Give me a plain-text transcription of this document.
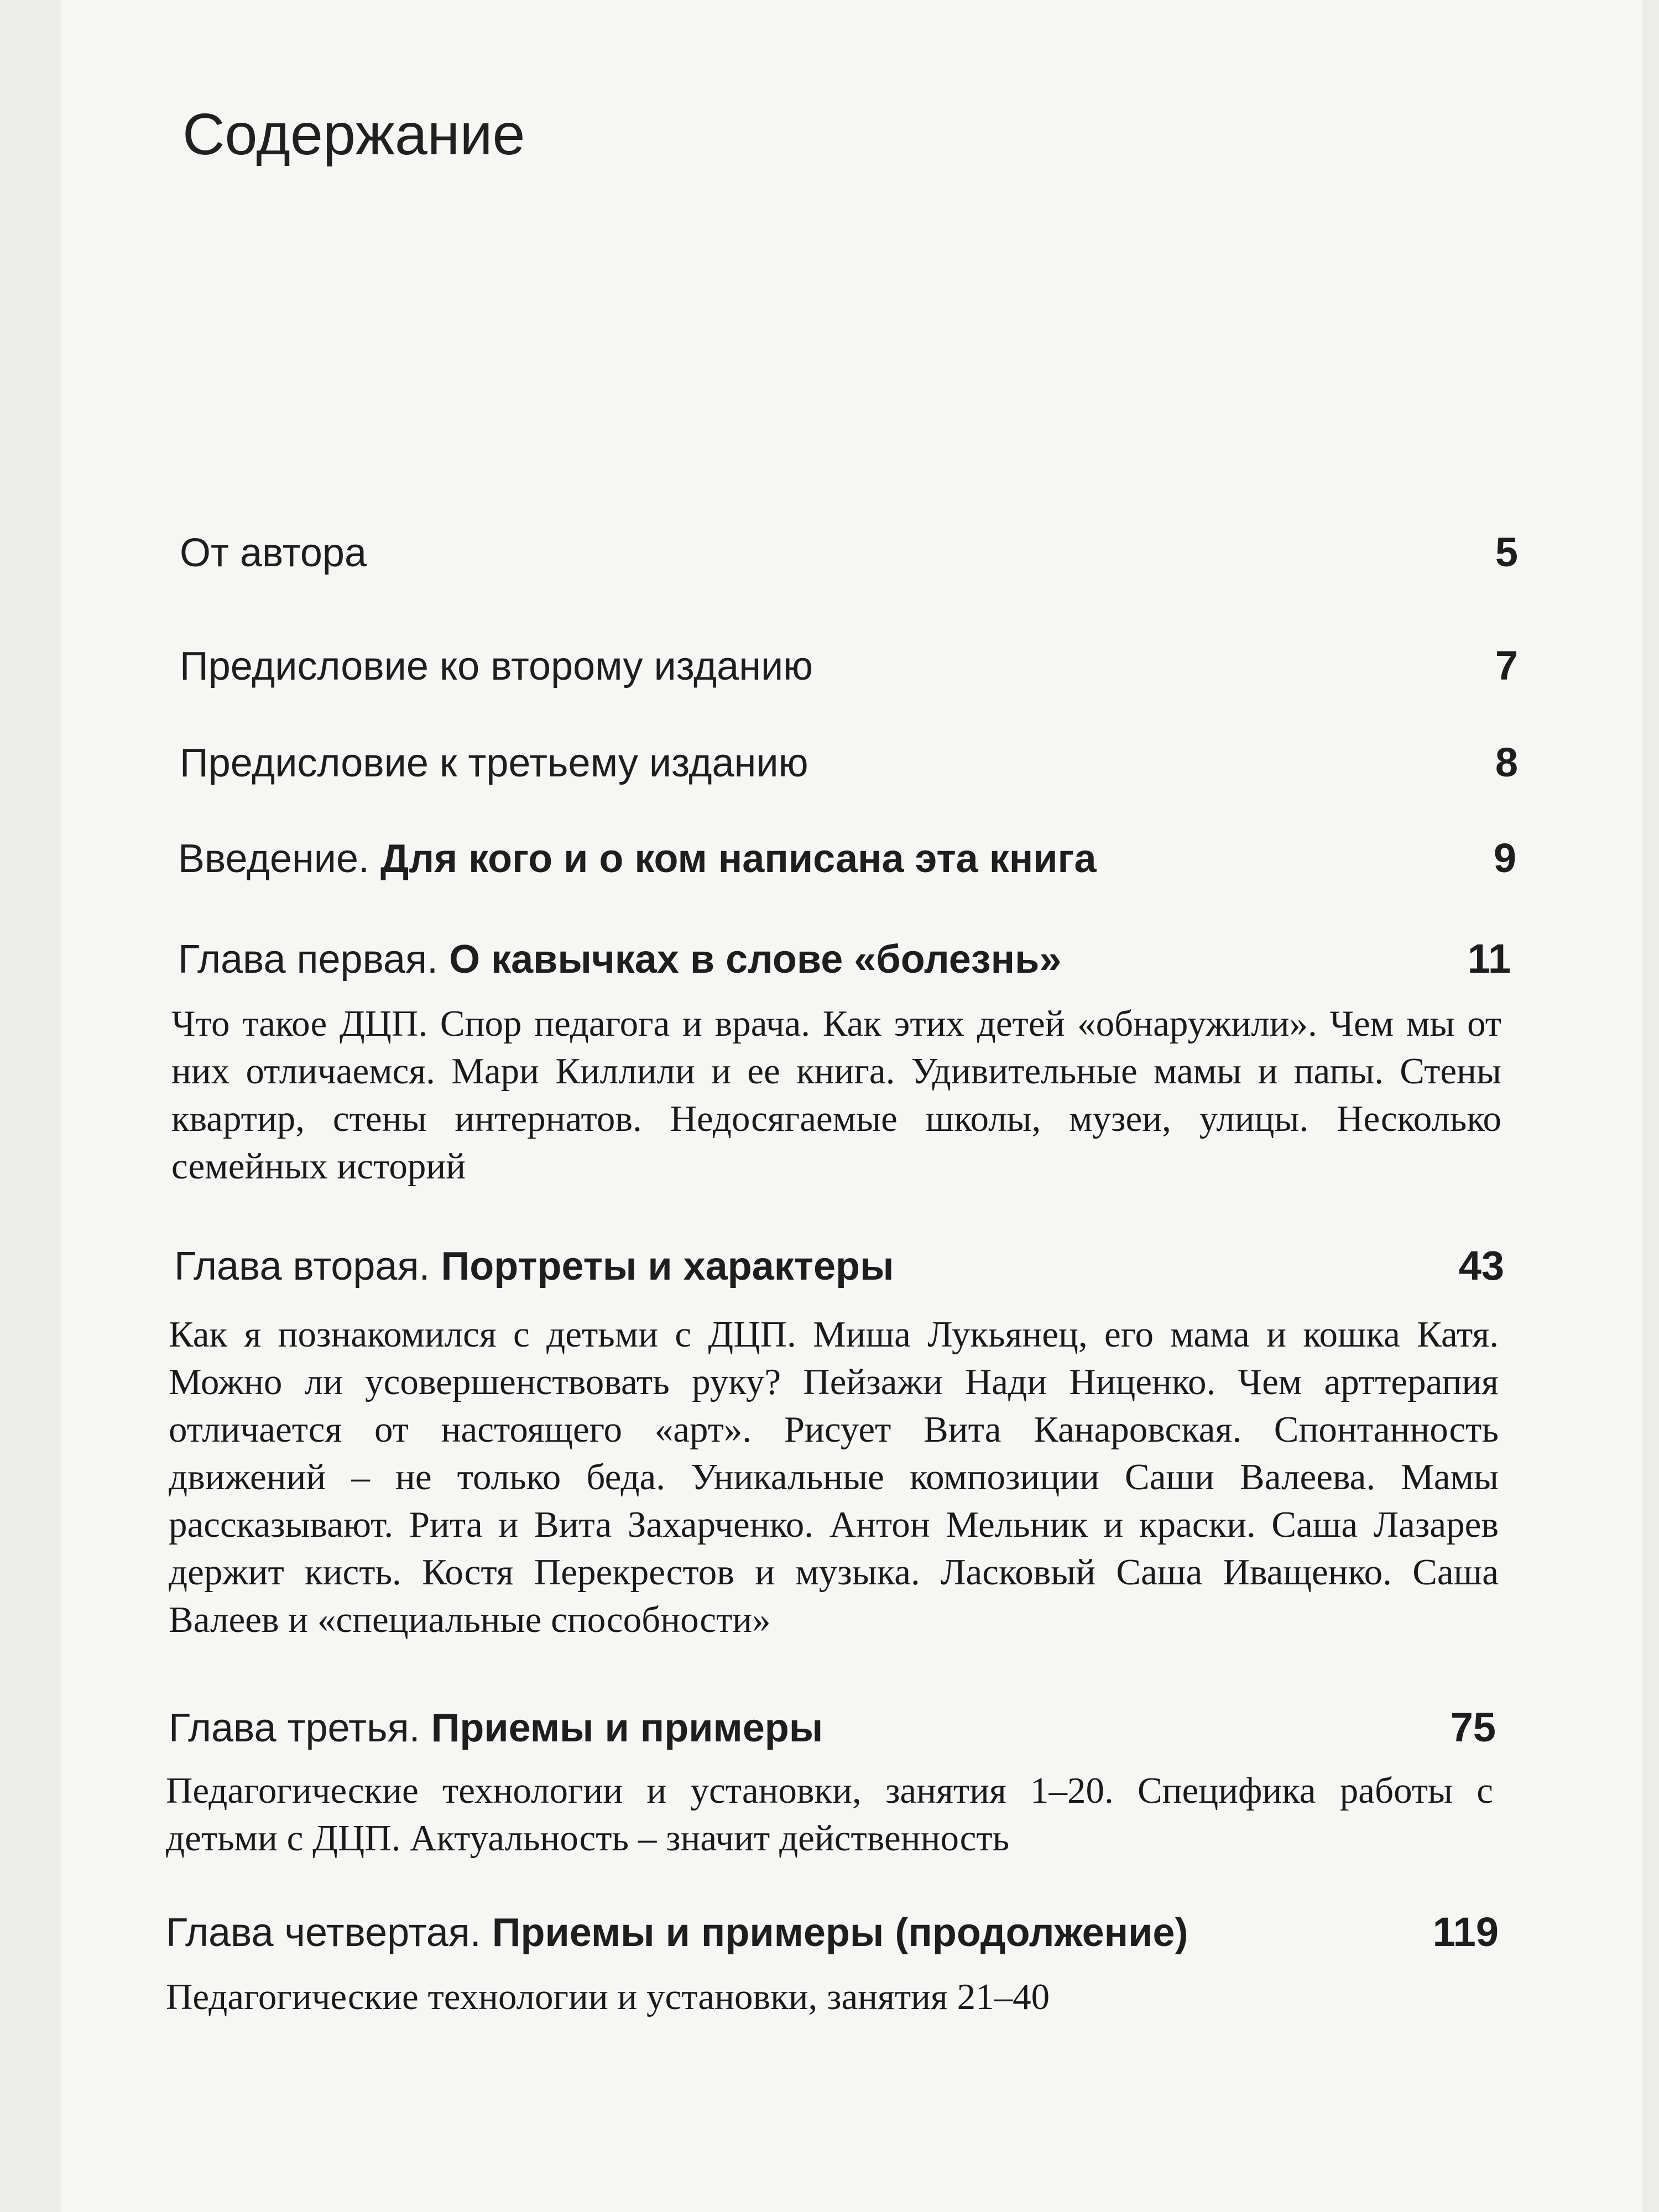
Содержание
От автора	5
Предисловие ко второму изданию	7
Предисловие к третьему изданию	8
Введение. Для кого и о ком написана эта книга	9
Глава первая. О кавычках в слове «болезнь»	11

Что такое ДЦП. Спор педагога и врача. Как этих детей «обнаружили». Чем мы от них отличаемся. Мари Киллили и ее книга. Удивительные мамы и папы. Стены квартир, стены интернатов. Недосягаемые школы, музеи, улицы. Несколько семейных историй

Глава вторая. Портреты и характеры	43

Как я познакомился с детьми с ДЦП. Миша Лукьянец, его мама и кошка Катя. Можно ли усовершенствовать руку? Пейзажи Нади Ниценко. Чем арттерапия отличается от настоящего «арт». Рисует Вита Канаровская. Спонтанность движений – не только беда. Уникальные композиции Саши Валеева. Мамы рассказывают. Рита и Вита Захарченко. Антон Мельник и краски. Саша Лазарев держит кисть. Костя Перекрестов и музыка. Ласковый Саша Иващенко. Саша Валеев и «специальные способности»

Глава третья. Приемы и примеры	75

Педагогические технологии и установки, занятия 1–20. Специфика работы с детьми с ДЦП. Актуальность – значит действенность

Глава четвертая. Приемы и примеры (продолжение)	119

Педагогические технологии и установки, занятия 21–40
